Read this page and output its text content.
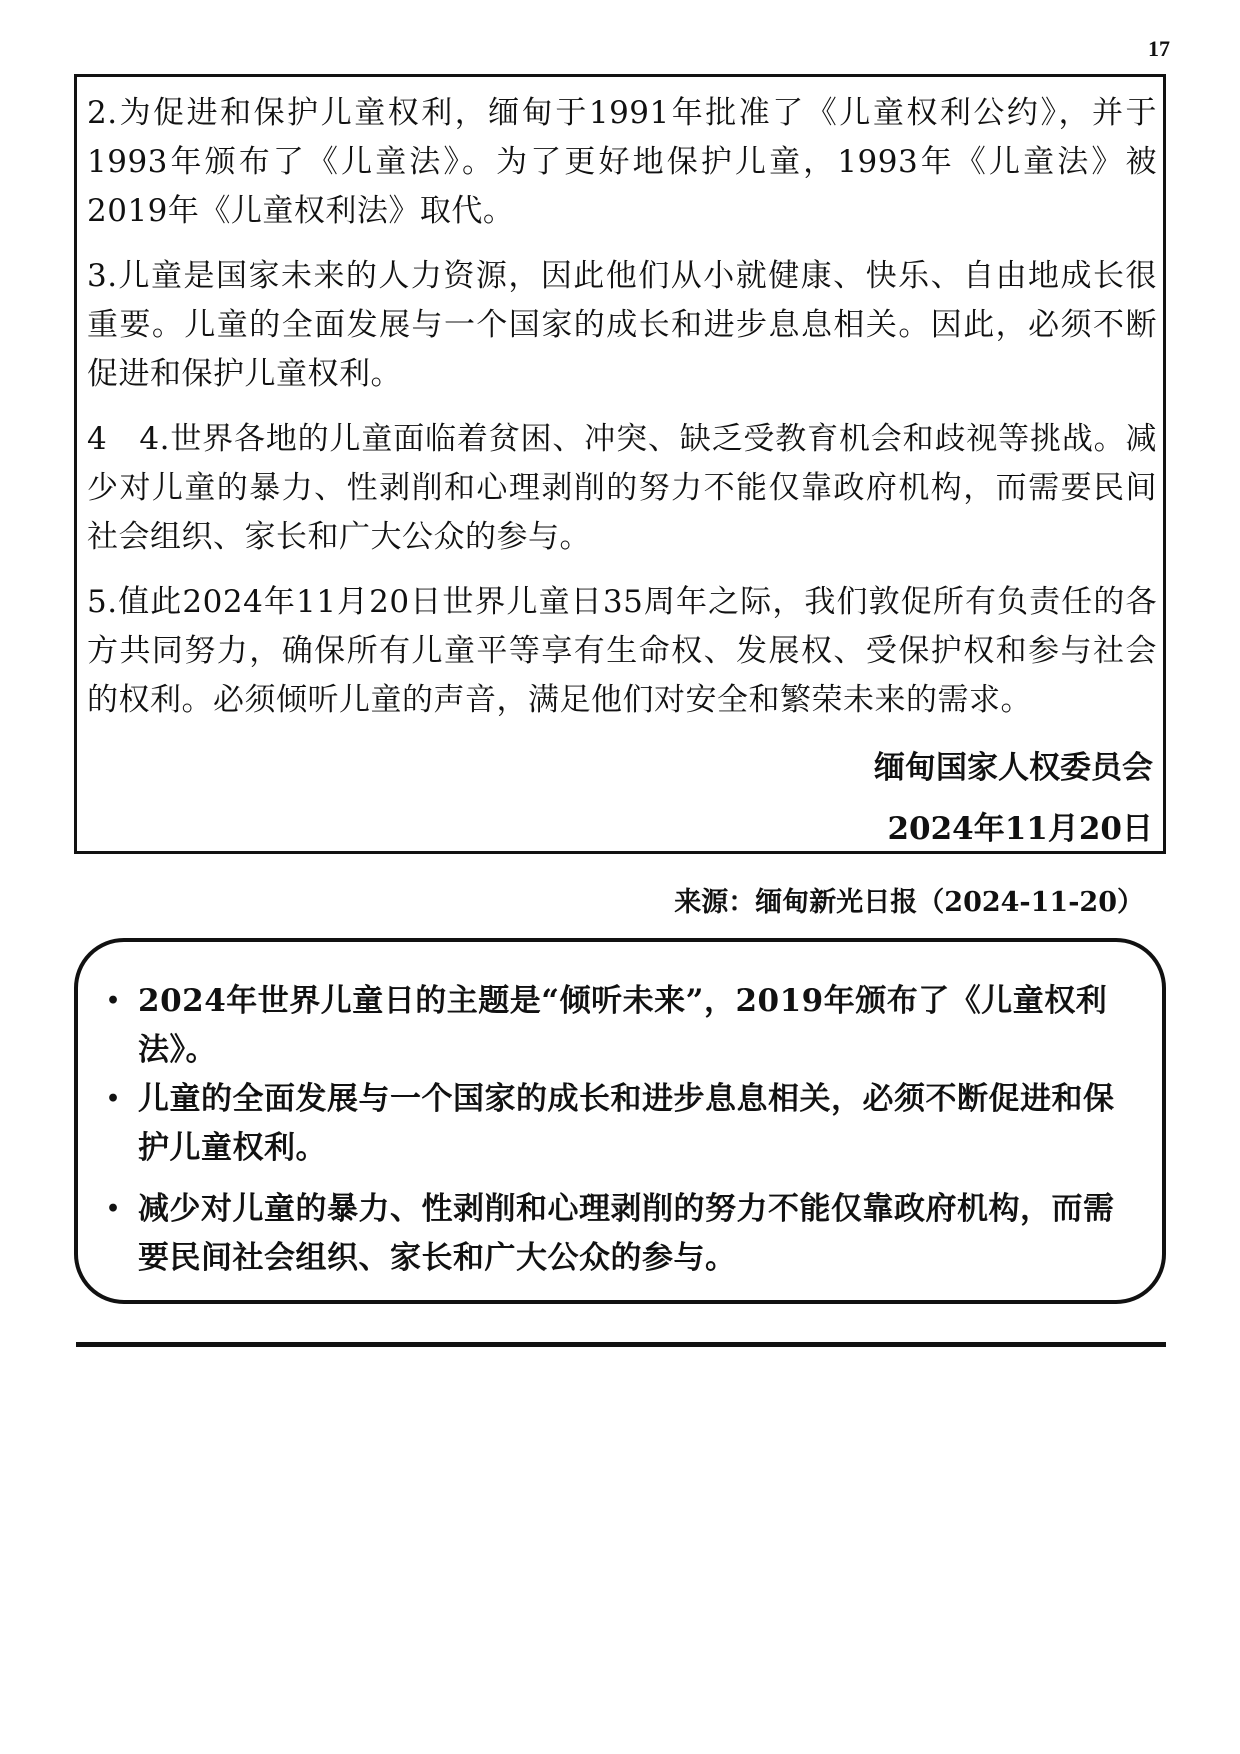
17

2.为促进和保护儿童权利，缅甸于1991年批准了《儿童权利公约》，并于1993年颁布了《儿童法》。为了更好地保护儿童，1993年《儿童法》被2019年《儿童权利法》取代。

3.儿童是国家未来的人力资源，因此他们从小就健康、快乐、自由地成长很重要。儿童的全面发展与一个国家的成长和进步息息相关。因此，必须不断促进和保护儿童权利。

4　4.世界各地的儿童面临着贫困、冲突、缺乏受教育机会和歧视等挑战。减少对儿童的暴力、性剥削和心理剥削的努力不能仅靠政府机构，而需要民间社会组织、家长和广大公众的参与。

5.值此2024年11月20日世界儿童日35周年之际，我们敦促所有负责任的各方共同努力，确保所有儿童平等享有生命权、发展权、受保护权和参与社会的权利。必须倾听儿童的声音，满足他们对安全和繁荣未来的需求。

缅甸国家人权委员会
2024年11月20日
来源：缅甸新光日报（2024-11-20）
• 2024年世界儿童日的主题是“倾听未来”，2019年颁布了《儿童权利法》。
• 儿童的全面发展与一个国家的成长和进步息息相关，必须不断促进和保护儿童权利。
• 减少对儿童的暴力、性剥削和心理剥削的努力不能仅靠政府机构，而需要民间社会组织、家长和广大公众的参与。
